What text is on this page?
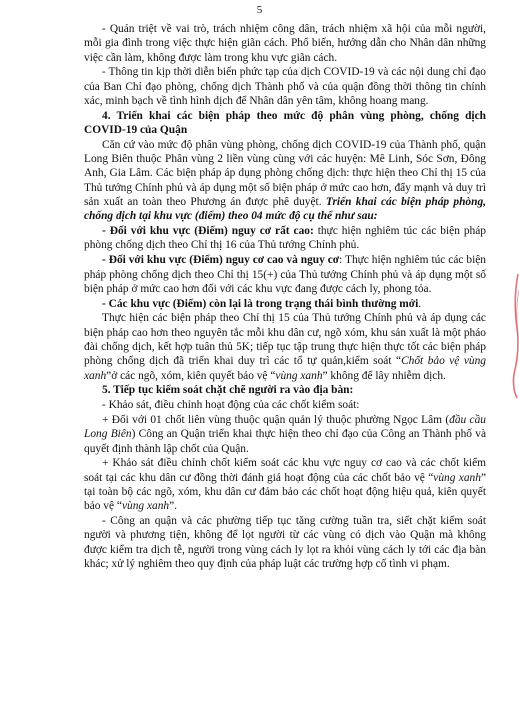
5

- Quán triệt về vai trò, trách nhiệm công dân, trách nhiệm xã hội của mỗi người, mỗi gia đình trong việc thực hiện giãn cách. Phổ biến, hướng dẫn cho Nhân dân những việc cần làm, không được làm trong khu vực giãn cách.

- Thông tin kịp thời diễn biến phức tạp của dịch COVID-19 và các nội dung chỉ đạo của Ban Chỉ đạo phòng, chống dịch Thành phố và của quận đồng thời thông tin chính xác, minh bạch về tình hình dịch để Nhân dân yên tâm, không hoang mang.

4. Triển khai các biện pháp theo mức độ phân vùng phòng, chống dịch COVID-19 của Quận

Căn cứ vào mức độ phân vùng phòng, chống dịch COVID-19 của Thành phố, quận Long Biên thuộc Phân vùng 2 liền vùng cùng với các huyện: Mê Linh, Sóc Sơn, Đông Anh, Gia Lâm. Các biện pháp áp dụng phòng chống dịch: thực hiện theo Chỉ thị 15 của Thủ tướng Chính phủ và áp dụng một số biện pháp ở mức cao hơn, đẩy mạnh và duy trì sản xuất an toàn theo Phương án được phê duyệt. Triển khai các biện pháp phòng, chống dịch tại khu vực (điểm) theo 04 mức độ cụ thể như sau:

- Đối với khu vực (Điểm) nguy cơ rất cao: thực hiện nghiêm túc các biện pháp phòng chống dịch theo Chỉ thị 16 của Thủ tướng Chính phủ.

- Đối với khu vực (Điểm) nguy cơ cao và nguy cơ: Thực hiện nghiêm túc các biện pháp phòng chống dịch theo Chỉ thị 15(+) của Thủ tướng Chính phủ và áp dụng một số biện pháp ở mức cao hơn đối với các khu vực đang được cách ly, phong tỏa.

- Các khu vực (Điểm) còn lại là trong trạng thái bình thường mới.

Thực hiện các biện pháp theo Chỉ thị 15 của Thủ tướng Chính phủ và áp dụng các biện pháp cao hơn theo nguyên tắc mỗi khu dân cư, ngõ xóm, khu sản xuất là một pháo đài chống dịch, kết hợp tuân thủ 5K; tiếp tục tập trung thực hiện thực tốt các biện pháp phòng chống dịch đã triển khai duy trì các tổ tự quản,kiểm soát “Chốt bảo vệ vùng xanh”ở các ngõ, xóm, kiên quyết bảo vệ “vùng xanh” không để lây nhiễm dịch.

5. Tiếp tục kiểm soát chặt chẽ người ra vào địa bàn:

- Khảo sát, điều chỉnh hoạt động của các chốt kiểm soát:

+ Đối với 01 chốt liên vùng thuộc quận quản lý thuộc phường Ngọc Lâm (đầu cầu Long Biên) Công an Quận triển khai thực hiện theo chỉ đạo của Công an Thành phố và quyết định thành lập chốt của Quận.

+ Khảo sát điều chỉnh chốt kiểm soát các khu vực nguy cơ cao và các chốt kiểm soát tại các khu dân cư đồng thời đánh giá hoạt động của các chốt bảo vệ “vùng xanh” tại toàn bộ các ngõ, xóm, khu dân cư đảm bảo các chốt hoạt động hiệu quả, kiên quyết bảo vệ “vùng xanh”.

- Công an quận và các phường tiếp tục tăng cường tuần tra, siết chặt kiểm soát người và phương tiện, không để lọt người từ các vùng có dịch vào Quận mà không được kiểm tra dịch tễ, người trong vùng cách ly lọt ra khỏi vùng cách ly tới các địa bàn khác; xử lý nghiêm theo quy định của pháp luật các trường hợp cố tình vi phạm.
